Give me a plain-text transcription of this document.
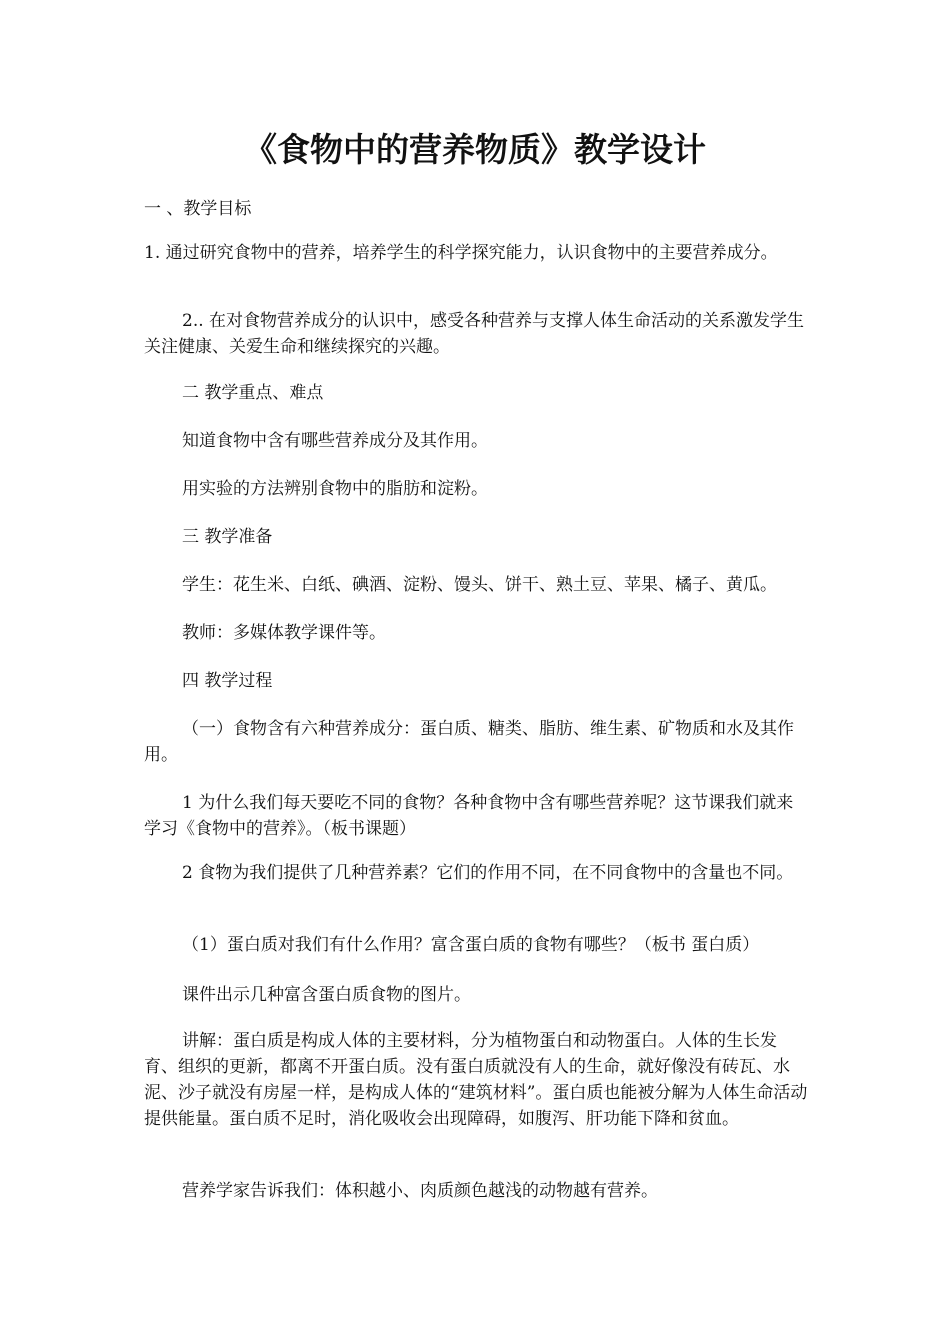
《食物中的营养物质》教学设计

一 、教学目标

1. 通过研究食物中的营养，培养学生的科学探究能力，认识食物中的主要营养成分。

2.. 在对食物营养成分的认识中，感受各种营养与支撑人体生命活动的关系激发学生关注健康、关爱生命和继续探究的兴趣。

二 教学重点、难点

知道食物中含有哪些营养成分及其作用。

用实验的方法辨别食物中的脂肪和淀粉。

三 教学准备

学生：花生米、白纸、碘酒、淀粉、馒头、饼干、熟土豆、苹果、橘子、黄瓜。

教师：多媒体教学课件等。

四 教学过程

（一）食物含有六种营养成分：蛋白质、糖类、脂肪、维生素、矿物质和水及其作用。

1 为什么我们每天要吃不同的食物？各种食物中含有哪些营养呢？这节课我们就来学习《食物中的营养》。（板书课题）

2 食物为我们提供了几种营养素？它们的作用不同，在不同食物中的含量也不同。

（1）蛋白质对我们有什么作用？富含蛋白质的食物有哪些？（板书 蛋白质）

课件出示几种富含蛋白质食物的图片。

讲解：蛋白质是构成人体的主要材料，分为植物蛋白和动物蛋白。人体的生长发育、组织的更新，都离不开蛋白质。没有蛋白质就没有人的生命，就好像没有砖瓦、水泥、沙子就没有房屋一样，是构成人体的“建筑材料”。蛋白质也能被分解为人体生命活动提供能量。蛋白质不足时，消化吸收会出现障碍，如腹泻、肝功能下降和贫血。

营养学家告诉我们：体积越小、肉质颜色越浅的动物越有营养。
